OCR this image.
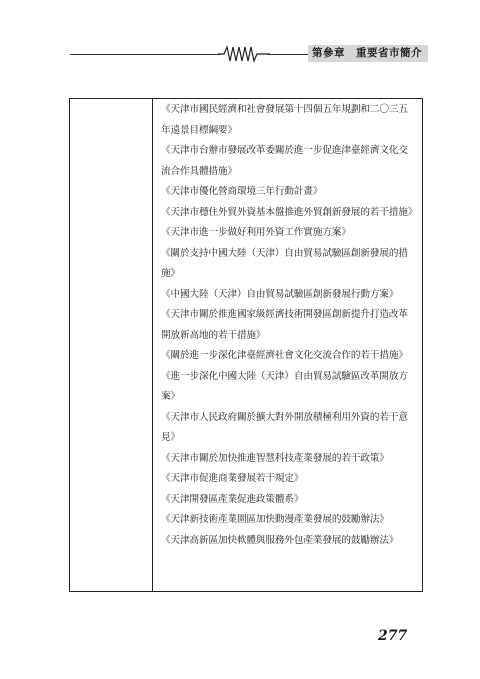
第參章　重要省市簡介
《天津市國民經濟和社會發展第十四個五年規劃和二〇三五年遠景目標綱要》
《天津市台辦市發展改革委關於進一步促進津臺經濟文化交流合作具體措施》
《天津市優化營商環境三年行動計畫》
《天津市穩住外貿外資基本盤推進外貿創新發展的若干措施》
《天津市進一步做好利用外資工作實施方案》
《關於支持中國大陸（天津）自由貿易試驗區創新發展的措施》
《中國大陸（天津）自由貿易試驗區創新發展行動方案》
《天津市關於推進國家級經濟技術開發區創新提升打造改革開放新高地的若干措施》
《關於進一步深化津臺經濟社會文化交流合作的若干措施》
《進一步深化中國大陸（天津）自由貿易試驗區改革開放方案》
《天津市人民政府關於擴大對外開放積極利用外資的若干意見》
《天津市關於加快推進智慧科技產業發展的若干政策》
《天津市促進商業發展若干規定》
《天津開發區產業促進政策體系》
《天津新技術產業園區加快動漫產業發展的鼓勵辦法》
《天津高新區加快軟體與服務外包產業發展的鼓勵辦法》
277
